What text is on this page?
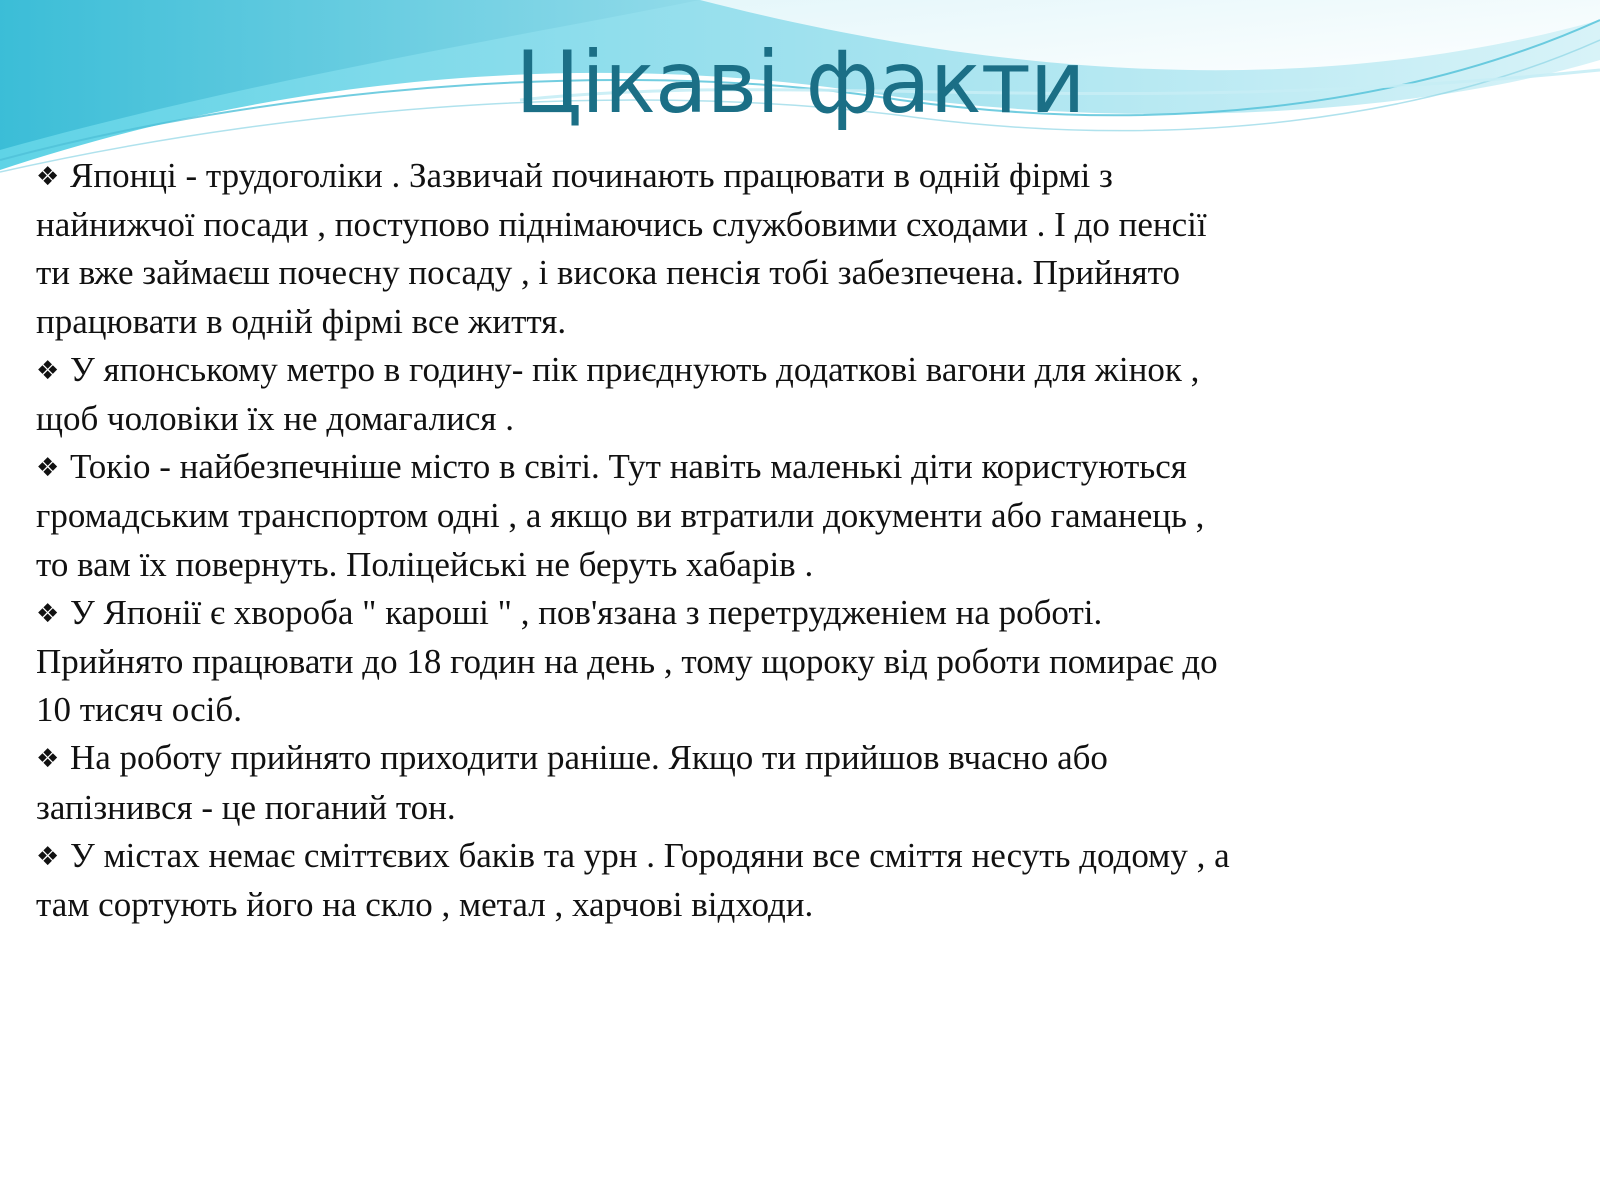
Цікаві факти

❖ Японці - трудоголіки . Зазвичай починають працювати в одній фірмі з найнижчої посади , поступово піднімаючись службовими сходами . І до пенсії ти вже займаєш почесну посаду , і висока пенсія тобі забезпечена. Прийнято працювати в одній фірмі все життя.

❖ У японському метро в годину- пік приєднують додаткові вагони для жінок , щоб чоловіки їх не домагалися .

❖ Токіо - найбезпечніше місто в світі. Тут навіть маленькі діти користуються громадським транспортом одні , а якщо ви втратили документи або гаманець , то вам їх повернуть. Поліцейські не беруть хабарів .

❖ У Японії є хвороба " кароші " , пов'язана з перетрудженіем на роботі. Прийнято працювати до 18 годин на день , тому щороку від роботи помирає до 10 тисяч осіб.

❖ На роботу прийнято приходити раніше. Якщо ти прийшов вчасно або запізнився - це поганий тон.

❖ У містах немає сміттєвих баків та урн . Городяни все сміття несуть додому , а там сортують його на скло , метал , харчові відходи.
